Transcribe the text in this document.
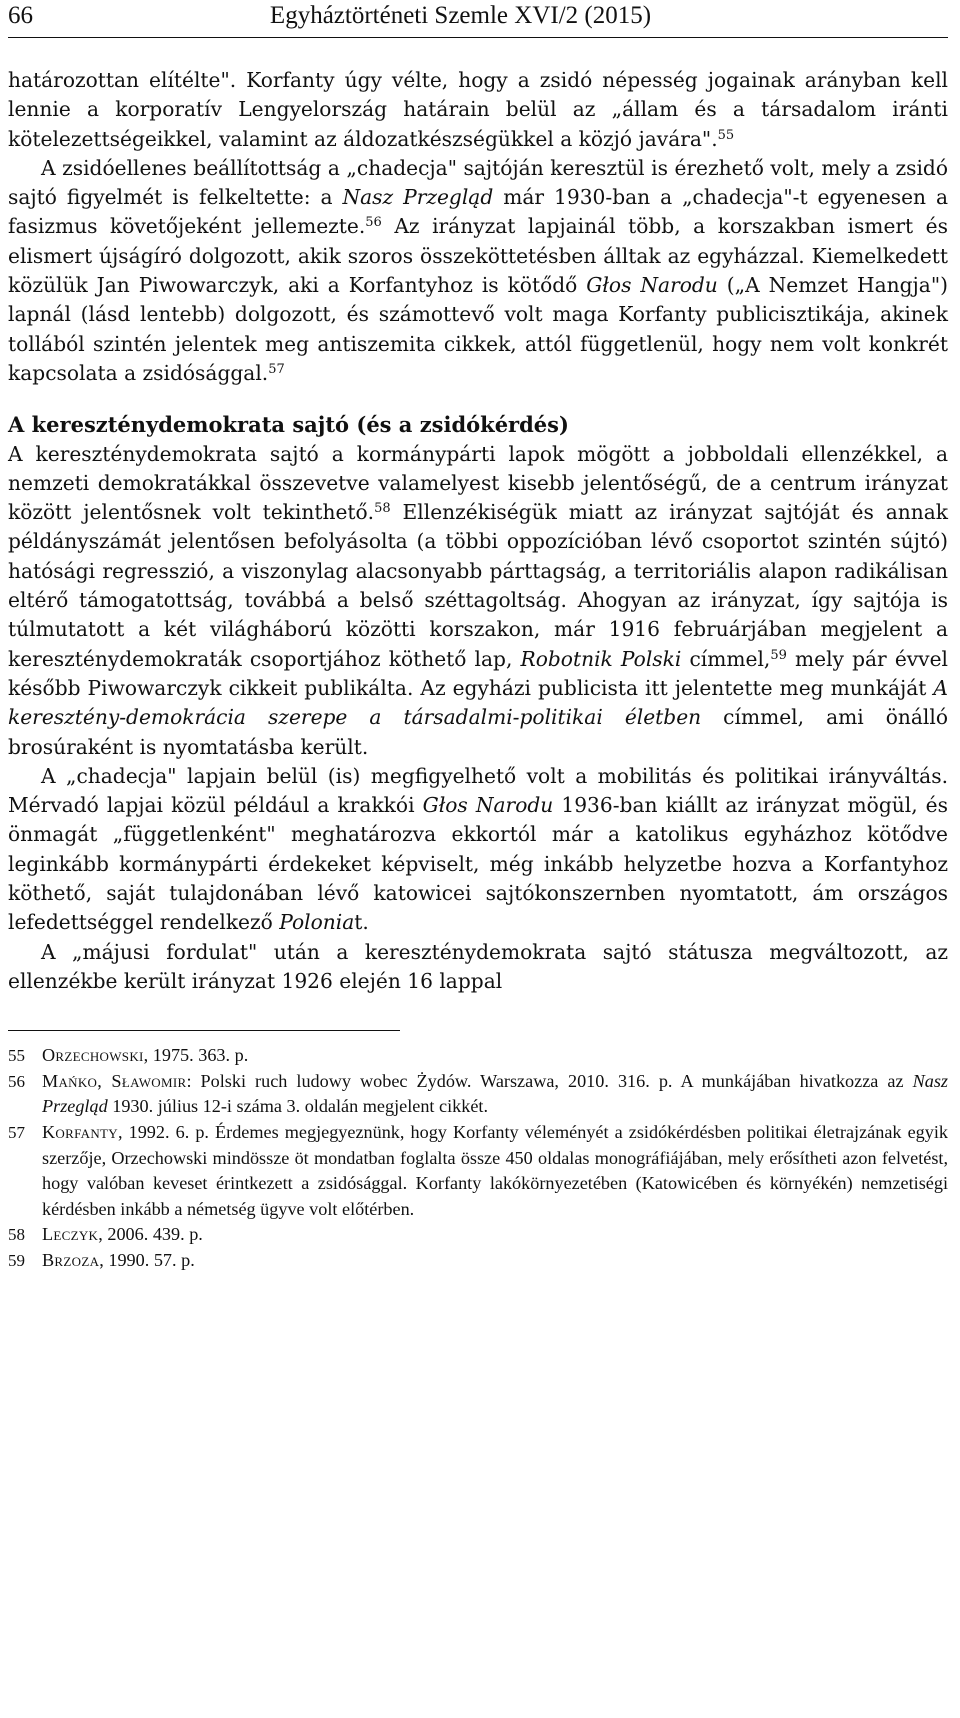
66	Egyháztörténeti Szemle XVI/2 (2015)

határozottan elítélte". Korfanty úgy vélte, hogy a zsidó népesség jogainak arányban kell lennie a korporatív Lengyelország határain belül az „állam és a társadalom iránti kötelezettségeikkel, valamint az áldozatkészségükkel a közjó javára".$^{55}$

A zsidóellenes beállítottság a „chadecja" sajtóján keresztül is érezhető volt, mely a zsidó sajtó figyelmét is felkeltette: a Nasz Przegląd már 1930-ban a „chadecja"-t egyenesen a fasizmus követőjeként jellemezte.$^{56}$ Az irányzat lapjainál több, a korszakban ismert és elismert újságíró dolgozott, akik szoros összeköttetésben álltak az egyházzal. Kiemelkedett közülük Jan Piwowarczyk, aki a Korfantyhoz is kötődő Głos Narodu („A Nemzet Hangja") lapnál (lásd lentebb) dolgozott, és számottevő volt maga Korfanty publicisztikája, akinek tollából szintén jelentek meg antiszemita cikkek, attól függetlenül, hogy nem volt konkrét kapcsolata a zsidósággal.$^{57}$

A kereszténydemokrata sajtó (és a zsidókérdés)

A kereszténydemokrata sajtó a kormánypárti lapok mögött a jobboldali ellenzékkel, a nemzeti demokratákkal összevetve valamelyest kisebb jelentőségű, de a centrum irányzat között jelentősnek volt tekinthető.$^{58}$ Ellenzékiségük miatt az irányzat sajtóját és annak példányszámát jelentősen befolyásolta (a többi oppozícióban lévő csoportot szintén sújtó) hatósági regresszió, a viszonylag alacsonyabb párttagság, a territoriális alapon radikálisan eltérő támogatottság, továbbá a belső széttagoltság. Ahogyan az irányzat, így sajtója is túlmutatott a két világháború közötti korszakon, már 1916 februárjában megjelent a kereszténydemokraták csoportjához köthető lap, Robotnik Polski címmel,$^{59}$ mely pár évvel később Piwowarczyk cikkeit publikálta. Az egyházi publicista itt jelentette meg munkáját A keresztény-demokrácia szerepe a társadalmi-politikai életben címmel, ami önálló brosúraként is nyomtatásba került.

A „chadecja" lapjain belül (is) megfigyelhető volt a mobilitás és politikai irányváltás. Mérvadó lapjai közül például a krakkói Głos Narodu 1936-ban kiállt az irányzat mögül, és önmagát „függetlenként" meghatározva ekkortól már a katolikus egyházhoz kötődve leginkább kormánypárti érdekeket képviselt, még inkább helyzetbe hozva a Korfantyhoz köthető, saját tulajdonában lévő katowicei sajtókonszernben nyomtatott, ám országos lefedettséggel rendelkező Poloniat.

A „májusi fordulat" után a kereszténydemokrata sajtó státusza megváltozott, az ellenzékbe került irányzat 1926 elején 16 lappal

55 Orzechowski, 1975. 363. p.
56 Mańko, Sławomir: Polski ruch ludowy wobec Żydów. Warszawa, 2010. 316. p. A munkájában hivatkozza az Nasz Przegląd 1930. július 12-i száma 3. oldalán megjelent cikkét.
57 Korfanty, 1992. 6. p. Érdemes megjegyeznünk, hogy Korfanty véleményét a zsidókérdésben politikai életrajzának egyik szerzője, Orzechowski mindössze öt mondatban foglalta össze 450 oldalas monográfiájában, mely erősítheti azon felvetést, hogy valóban keveset érintkezett a zsidósággal. Korfanty lakókörnyezetében (Katowicében és környékén) nemzetiségi kérdésben inkább a németség ügyve volt előtérben.
58 Leczyk, 2006. 439. p.
59 Brzoza, 1990. 57. p.
